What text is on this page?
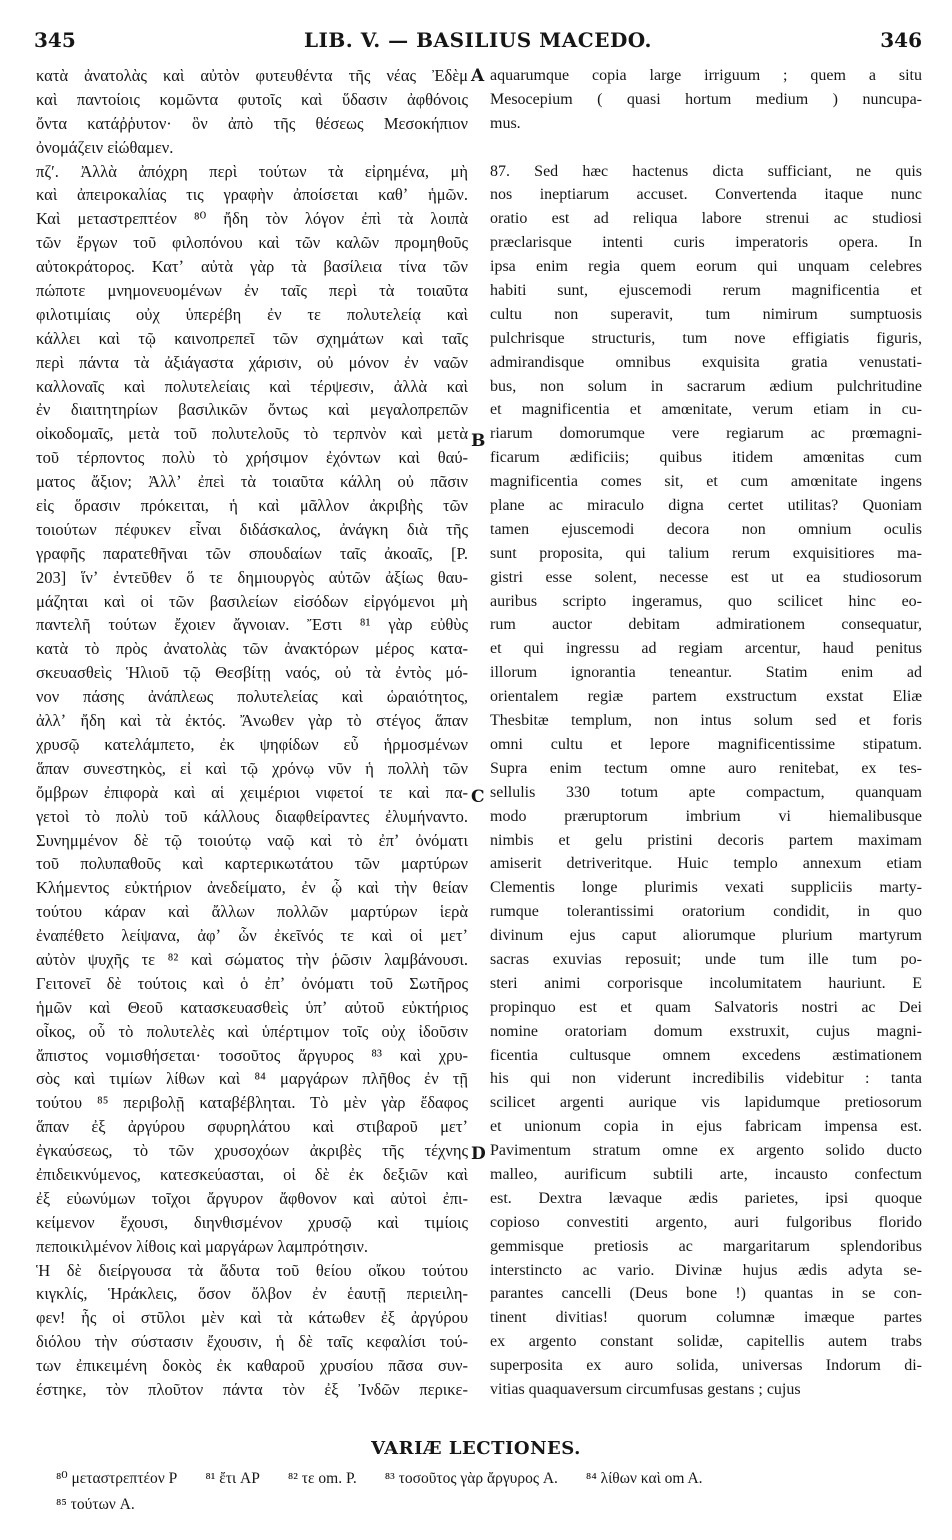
345	LIB. V. — BASILIUS MACEDO.	346
κατὰ ἀνατολὰς καὶ αὐτὸν φυτευθέντα τῆς νέας Ἐδὲμ
καὶ παντοίοις κομῶντα φυτοῖς καὶ ὕδασιν ἀφθόνοις
ὄντα κατάῤῥυτον· ὃν ἀπὸ τῆς θέσεως Μεσοκήπιον
ὀνομάζειν εἰώθαμεν.
πζʹ. Ἀλλὰ ἀπόχρη περὶ τούτων τὰ εἰρημένα, μὴ
καὶ ἀπειροκαλίας τις γραφὴν ἀποίσεται καθʼ ἡμῶν.
Καὶ μεταστρεπτέον ⁸⁰ ἤδη τὸν λόγον ἐπὶ τὰ λοιπὰ
τῶν ἔργων τοῦ φιλοπόνου καὶ τῶν καλῶν προμηθοῦς
αὐτοκράτορος. Κατʼ αὐτὰ γὰρ τὰ βασίλεια τίνα τῶν
πώποτε μνημονευομένων ἐν ταῖς περὶ τὰ τοιαῦτα
φιλοτιμίαις οὐχ ὑπερέβη ἐν τε πολυτελείᾳ καὶ
κάλλει καὶ τῷ καινοπρεπεῖ τῶν σχημάτων καὶ ταῖς
περὶ πάντα τὰ ἀξιάγαστα χάρισιν, οὐ μόνον ἐν ναῶν
καλλοναῖς καὶ πολυτελείαις καὶ τέρψεσιν, ἀλλὰ καὶ
ἐν διαιτητηρίων βασιλικῶν ὄντως καὶ μεγαλοπρεπῶν
οἰκοδομαῖς, μετὰ τοῦ πολυτελοῦς τὸ τερπνὸν καὶ μετὰ
τοῦ τέρποντος πολὺ τὸ χρήσιμον ἐχόντων καὶ θαύ-
ματος ἄξιον; Ἀλλʼ ἐπεὶ τὰ τοιαῦτα κάλλη οὐ πᾶσιν
εἰς ὅρασιν πρόκειται, ἡ καὶ μᾶλλον ἀκριβὴς τῶν
τοιούτων πέφυκεν εἶναι διδάσκαλος, ἀνάγκη διὰ τῆς
γραφῆς παρατεθῆναι τῶν σπουδαίων ταῖς ἀκοαῖς, [P.
203] ἵνʼ ἐντεῦθεν ὅ τε δημιουργὸς αὐτῶν ἀξίως θαυ-
μάζηται καὶ οἱ τῶν βασιλείων εἰσόδων εἰργόμενοι μὴ
παντελῆ τούτων ἔχοιεν ἄγνοιαν. Ἔστι ⁸¹ γὰρ εὐθὺς
κατὰ τὸ πρὸς ἀνατολὰς τῶν ἀνακτόρων μέρος κατα-
σκευασθεὶς Ἡλιοῦ τῷ Θεσβίτῃ ναός, οὐ τὰ ἐντὸς μό-
νον πάσης ἀνάπλεως πολυτελείας καὶ ὡραιότητος,
ἀλλʼ ἤδη καὶ τὰ ἐκτός. Ἄνωθεν γὰρ τὸ στέγος ἅπαν
χρυσῷ κατελάμπετο, ἐκ ψηφίδων εὖ ἡρμοσμένων
ἅπαν συνεστηκὸς, εἰ καὶ τῷ χρόνῳ νῦν ἡ πολλὴ τῶν
ὄμβρων ἐπιφορὰ καὶ αἱ χειμέριοι νιφετοί τε καὶ πα-
γετοὶ τὸ πολὺ τοῦ κάλλους διαφθείραντες ἐλυμήναντο.
Συνημμένον δὲ τῷ τοιούτῳ ναῷ καὶ τὸ ἐπʼ ὀνόματι
τοῦ πολυπαθοῦς καὶ καρτερικωτάτου τῶν μαρτύρων
Κλήμεντος εὐκτήριον ἀνεδείματο, ἐν ᾧ καὶ τὴν θείαν
τούτου κάραν καὶ ἄλλων πολλῶν μαρτύρων ἱερὰ
ἐναπέθετο λείψανα, ἀφʼ ὧν ἐκεῖνός τε καὶ οἱ μετʼ
αὐτὸν ψυχῆς τε ⁸² καὶ σώματος τὴν ῥῶσιν λαμβάνουσι.
Γειτονεῖ δὲ τούτοις καὶ ὁ ἐπʼ ὀνόματι τοῦ Σωτῆρος
ἡμῶν καὶ Θεοῦ κατασκευασθεὶς ὑπʼ αὐτοῦ εὐκτήριος
οἶκος, οὗ τὸ πολυτελὲς καὶ ὑπέρτιμον τοῖς οὐχ ἰδοῦσιν
ἄπιστος νομισθήσεται· τοσοῦτος ἄργυρος ⁸³ καὶ χρυ-
σὸς καὶ τιμίων λίθων καὶ ⁸⁴ μαργάρων πλῆθος ἐν τῇ
τούτου ⁸⁵ περιβολῇ καταβέβληται. Τὸ μὲν γὰρ ἔδαφος
ἅπαν ἐξ ἀργύρου σφυρηλάτου καὶ στιβαροῦ μετʼ
ἐγκαύσεως, τὸ τῶν χρυσοχόων ἀκριβὲς τῆς τέχνης
ἐπιδεικνύμενος, κατεσκεύασται, οἱ δὲ ἐκ δεξιῶν καὶ
ἐξ εὐωνύμων τοῖχοι ἄργυρον ἄφθονον καὶ αὐτοὶ ἐπι-
κείμενον ἔχουσι, διηνθισμένον χρυσῷ καὶ τιμίοις
πεποικιλμένον λίθοις καὶ μαργάρων λαμπρότησιν.
Ἡ δὲ διείργουσα τὰ ἄδυτα τοῦ θείου οἴκου τούτου
κιγκλίς, Ἡράκλεις, ὅσον ὄλβον ἐν ἑαυτῇ περιειλη-
φεν! ἧς οἱ στῦλοι μὲν καὶ τὰ κάτωθεν ἐξ ἀργύρου
διόλου τὴν σύστασιν ἔχουσιν, ἡ δὲ ταῖς κεφαλίσι τού-
των ἐπικειμένη δοκὸς ἐκ καθαροῦ χρυσίου πᾶσα συν-
έστηκε, τὸν πλοῦτον πάντα τὸν ἐξ Ἰνδῶν περικε-
aquarumque copia large irriguum ; quem a situ
Mesocepium ( quasi hortum medium ) nuncupa-
mus.
87. Sed hæc hactenus dicta sufficiant, ne quis
nos ineptiarum accuset. Convertenda itaque nunc
oratio est ad reliqua labore strenui ac studiosi
præclarisque intenti curis imperatoris opera. In
ipsa enim regia quem eorum qui unquam celebres
habiti sunt, ejuscemodi rerum magnificentia et
cultu non superavit, tum nimirum sumptuosis
pulchrisque structuris, tum nove effigiatis figuris,
admirandisque omnibus exquisita gratia venustati-
bus, non solum in sacrarum ædium pulchritudine
et magnificentia et amœnitate, verum etiam in cu-
riarum domorumque vere regiarum ac prœmagni-
ficarum ædificiis; quibus itidem amœnitas cum
magnificentia comes sit, et cum amœnitate ingens
plane ac miraculo digna certet utilitas? Quoniam
tamen ejuscemodi decora non omnium oculis
sunt proposita, qui talium rerum exquisitiores ma-
gistri esse solent, necesse est ut ea studiosorum
auribus scripto ingeramus, quo scilicet hinc eo-
rum auctor debitam admirationem consequatur,
et qui ingressu ad regiam arcentur, haud penitus
illorum ignorantia teneantur. Statim enim ad
orientalem regiæ partem exstructum exstat Eliæ
Thesbitæ templum, non intus solum sed et foris
omni cultu et lepore magnificentissime stipatum.
Supra enim tectum omne auro renitebat, ex tes-
sellulis 330 totum apte compactum, quanquam
modo præruptorum imbrium vi hiemalibusque
nimbis et gelu pristini decoris partem maximam
amiserit detriveritque. Huic templo annexum etiam
Clementis longe plurimis vexati suppliciis marty-
rumque tolerantissimi oratorium condidit, in quo
divinum ejus caput aliorumque plurium martyrum
sacras exuvias reposuit; unde tum ille tum po-
steri animi corporisque incolumitatem hauriunt. E
propinquo est et quam Salvatoris nostri ac Dei
nomine oratoriam domum exstruxit, cujus magni-
ficentia cultusque omnem excedens æstimationem
his qui non viderunt incredibilis videbitur : tanta
scilicet argenti aurique vis lapidumque pretiosorum
et unionum copia in ejus fabricam impensa est.
Pavimentum stratum omne ex argento solido ducto
malleo, aurificum subtili arte, incausto confectum
est. Dextra lævaque ædis parietes, ipsi quoque
copioso convestiti argento, auri fulgoribus florido
gemmisque pretiosis ac margaritarum splendoribus
interstincto ac vario. Divinæ hujus ædis adyta se-
parantes cancelli (Deus bone !) quantas in se con-
tinent divitias! quorum columnæ imæque partes
ex argento constant solidæ, capitellis autem trabs
superposita ex auro solida, universas Indorum di-
vitias quaquaversum circumfusas gestans ; cujus
A
B
C
D
VARIÆ LECTIONES.
⁸⁰ μεταστρεπτέον P ⁸¹ ἔτι AP ⁸² τε om. P. ⁸³ τοσοῦτος γὰρ ἄργυρος A. ⁸⁴ λίθων καὶ om A.
⁸⁵ τούτων A.
